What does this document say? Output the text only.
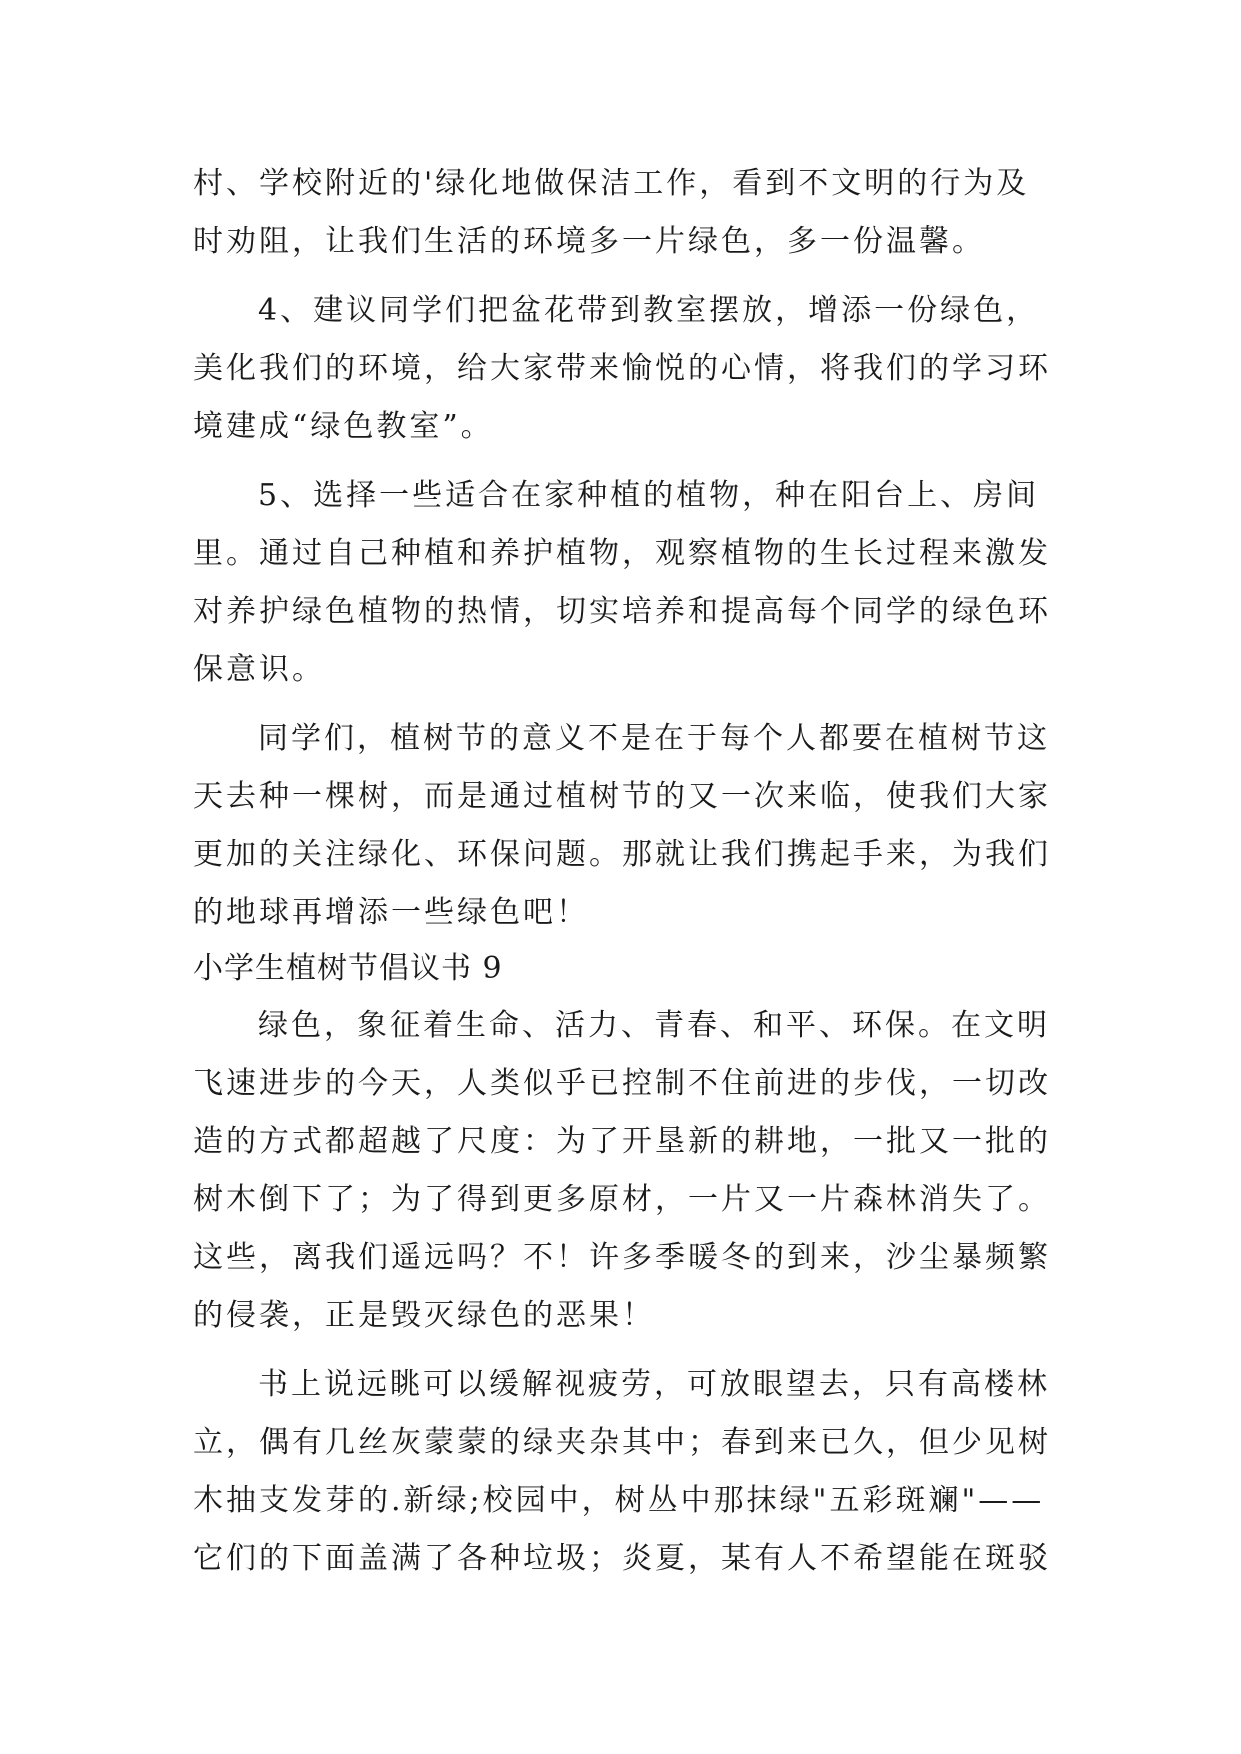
村、学校附近的'绿化地做保洁工作，看到不文明的行为及
时劝阻，让我们生活的环境多一片绿色，多一份温馨。
4、建议同学们把盆花带到教室摆放，增添一份绿色，
美化我们的环境，给大家带来愉悦的心情，将我们的学习环
境建成“绿色教室”。
5、选择一些适合在家种植的植物，种在阳台上、房间
里。通过自己种植和养护植物，观察植物的生长过程来激发
对养护绿色植物的热情，切实培养和提高每个同学的绿色环
保意识。
同学们，植树节的意义不是在于每个人都要在植树节这
天去种一棵树，而是通过植树节的又一次来临，使我们大家
更加的关注绿化、环保问题。那就让我们携起手来，为我们
的地球再增添一些绿色吧！
小学生植树节倡议书 9
绿色，象征着生命、活力、青春、和平、环保。在文明
飞速进步的今天，人类似乎已控制不住前进的步伐，一切改
造的方式都超越了尺度：为了开垦新的耕地，一批又一批的
树木倒下了；为了得到更多原材，一片又一片森林消失了。
这些，离我们遥远吗？不！许多季暖冬的到来，沙尘暴频繁
的侵袭，正是毁灭绿色的恶果！
书上说远眺可以缓解视疲劳，可放眼望去，只有高楼林
立，偶有几丝灰蒙蒙的绿夹杂其中；春到来已久，但少见树
木抽支发芽的.新绿;校园中，树丛中那抹绿"五彩斑斓"——
它们的下面盖满了各种垃圾；炎夏，某有人不希望能在斑驳
